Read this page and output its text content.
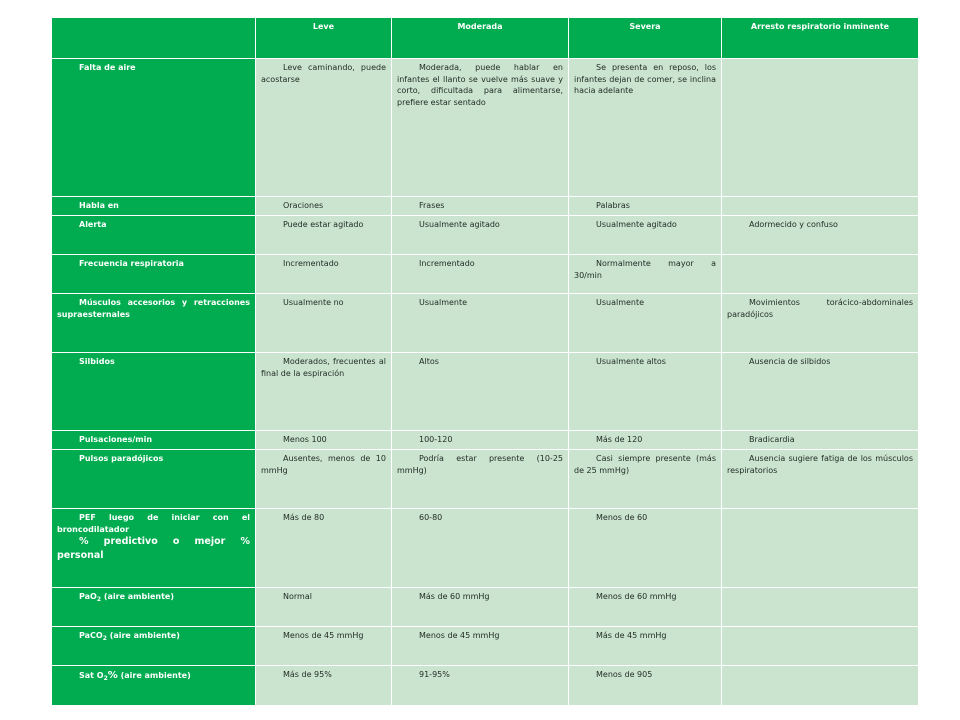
	Leve	Moderada	Severa	Arresto respiratorio inminente
Falta de aire	Leve caminando, puede acostarse	Moderada, puede hablar en infantes el llanto se vuelve más suave y corto, dificultada para alimentarse, prefiere estar sentado	Se presenta en reposo, los infantes dejan de comer, se inclina hacia adelante	
Habla en	Oraciones	Frases	Palabras	
Alerta	Puede estar agitado	Usualmente agitado	Usualmente agitado	Adormecido y confuso
Frecuencia respiratoria	Incrementado	Incrementado	Normalmente mayor a 30/min	
Músculos accesorios y retracciones supraesternales	Usualmente no	Usualmente	Usualmente	Movimientos torácico-abdominales paradójicos
Silbidos	Moderados, frecuentes al final de la espiración	Altos	Usualmente altos	Ausencia de silbidos
Pulsaciones/min	Menos 100	100-120	Más de 120	Bradicardia
Pulsos paradójicos	Ausentes, menos de 10 mmHg	Podría estar presente (10-25 mmHg)	Casi siempre presente (más de 25 mmHg)	Ausencia sugiere fatiga de los músculos respiratorios
PEF luego de iniciar con el broncodilatador
% predictivo o mejor % personal	Más de 80	60-80	Menos de 60	
PaO$_2$ (aire ambiente)	Normal	Más de 60 mmHg	Menos de 60 mmHg	
PaCO$_2$ (aire ambiente)	Menos de 45 mmHg	Menos de 45 mmHg	Más de 45 mmHg	
Sat $O_2\%$ (aire ambiente)	Más de 95%	91-95%	Menos de 905	
